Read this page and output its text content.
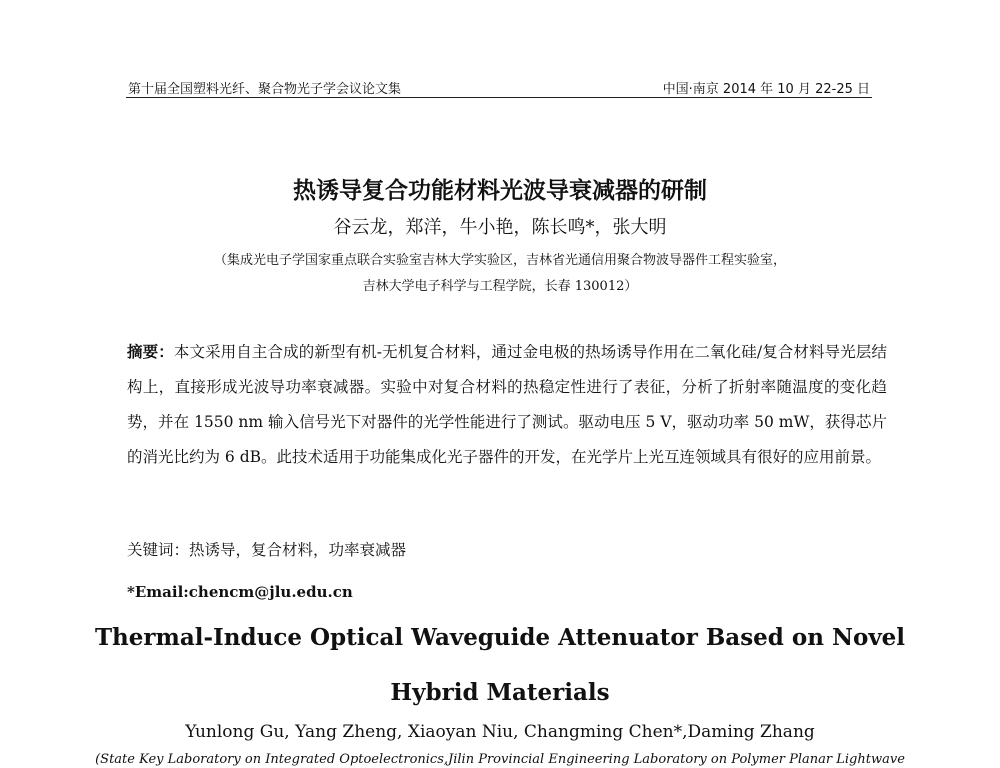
第十届全国塑料光纤、聚合物光子学会议论文集	中国·南京 2014 年 10 月 22-25 日
热诱导复合功能材料光波导衰减器的研制
谷云龙，郑洋，牛小艳，陈长鸣*，张大明
（集成光电子学国家重点联合实验室吉林大学实验区，吉林省光通信用聚合物波导器件工程实验室，
吉林大学电子科学与工程学院，长春 130012）
摘要：本文采用自主合成的新型有机-无机复合材料，通过金电极的热场诱导作用在二氧化硅/复合材料导光层结构上，直接形成光波导功率衰减器。实验中对复合材料的热稳定性进行了表征，分析了折射率随温度的变化趋势，并在 1550 nm 输入信号光下对器件的光学性能进行了测试。驱动电压 5 V，驱动功率 50 mW，获得芯片的消光比约为 6 dB。此技术适用于功能集成化光子器件的开发，在光学片上光互连领域具有很好的应用前景。
关键词：热诱导，复合材料，功率衰减器
*Email:chencm@jlu.edu.cn
Thermal-Induce Optical Waveguide Attenuator Based on Novel
Hybrid Materials
Yunlong Gu, Yang Zheng, Xiaoyan Niu, Changming Chen*,Daming Zhang
(State Key Laboratory on Integrated Optoelectronics,Jilin Provincial Engineering Laboratory on Polymer Planar Lightwave
